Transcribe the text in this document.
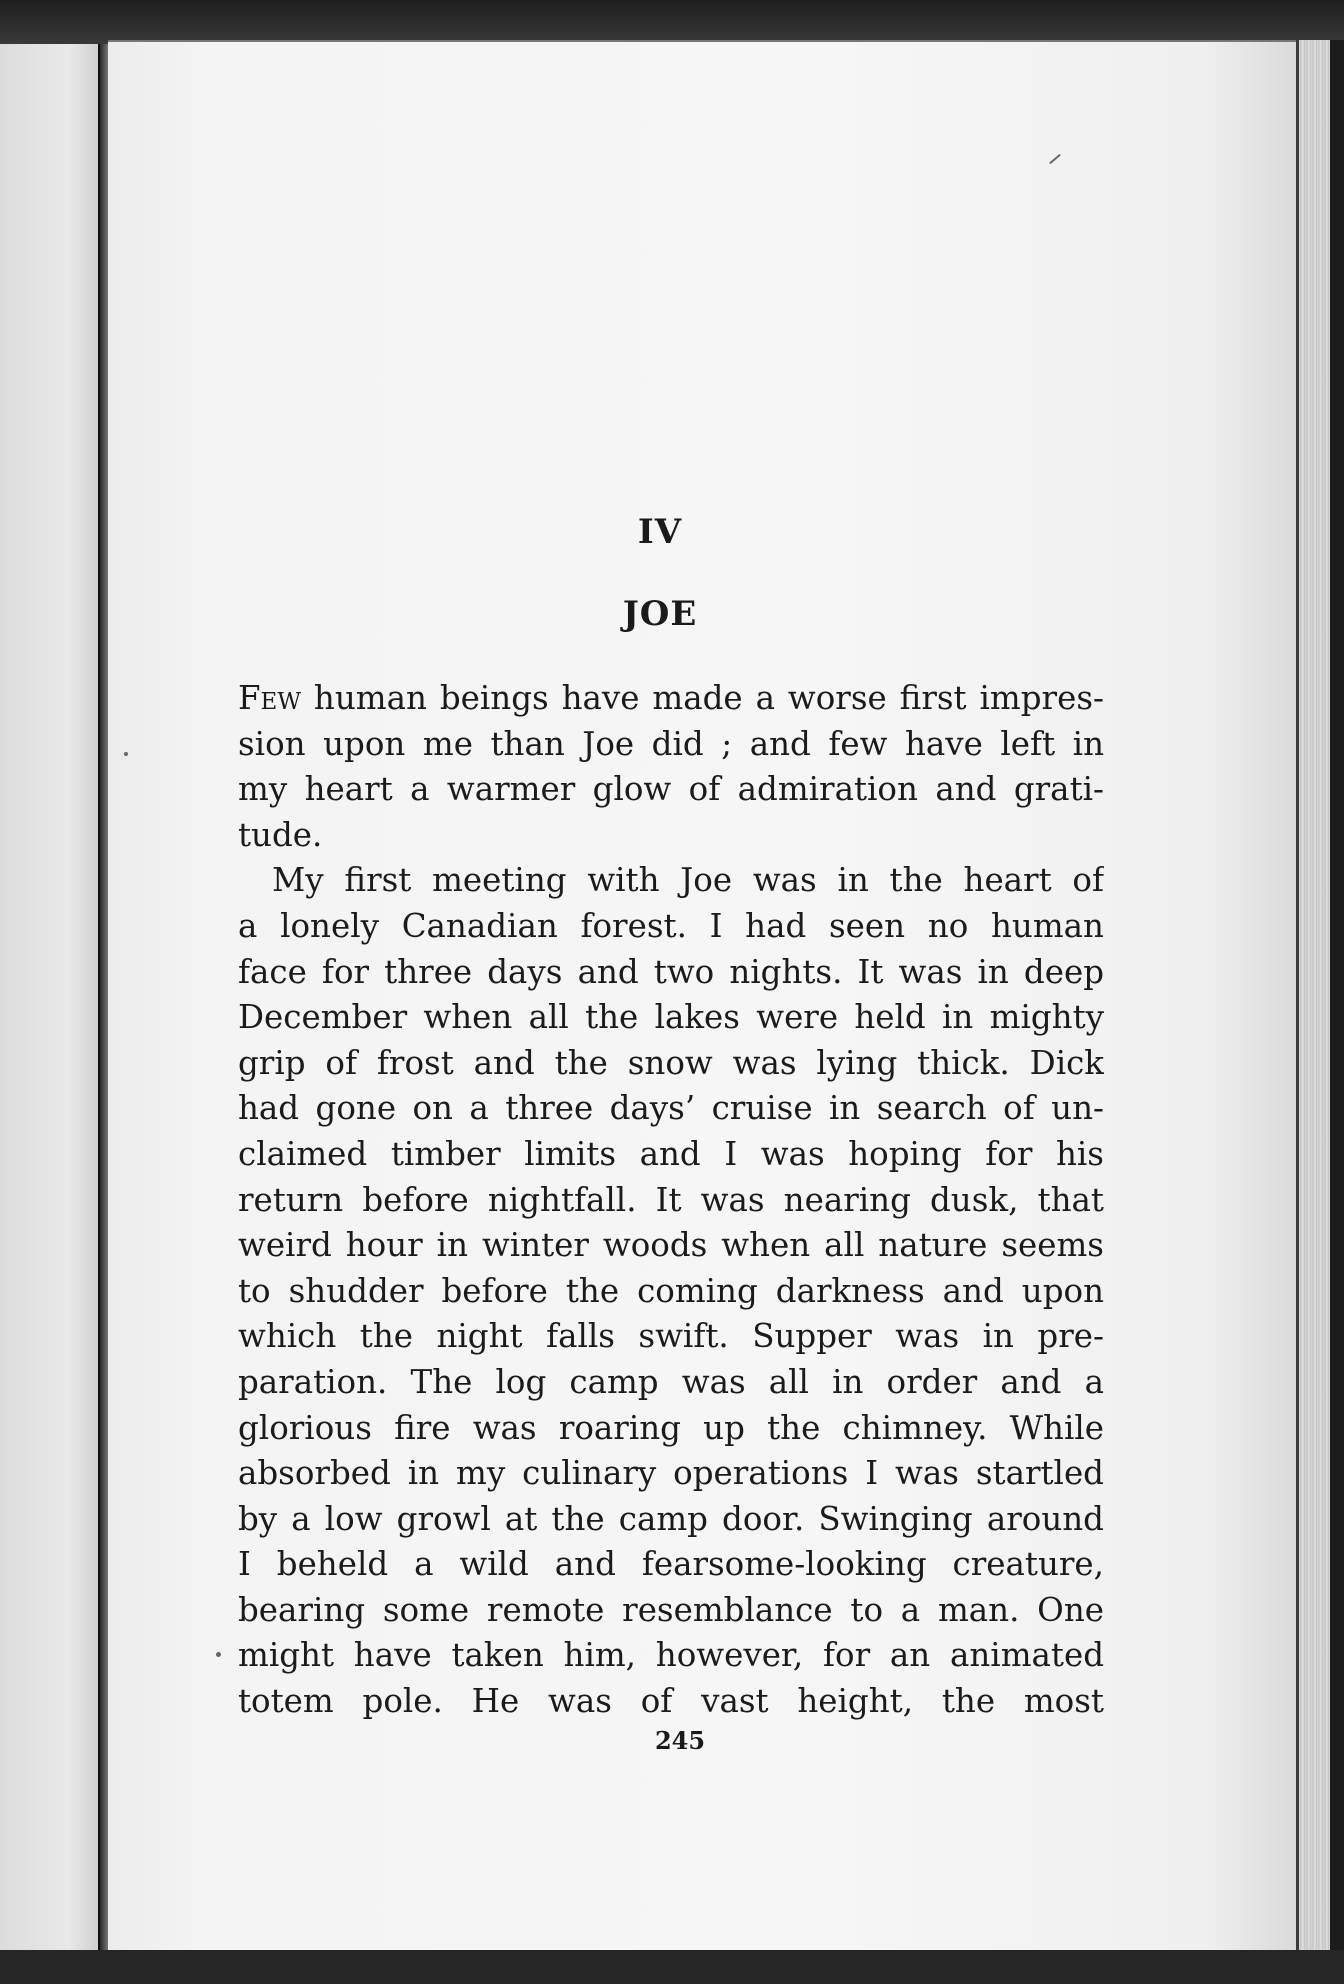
IV
JOE
Few human beings have made a worse first impres-
sion upon me than Joe did ; and few have left in
my heart a warmer glow of admiration and grati-
tude.
My first meeting with Joe was in the heart of
a lonely Canadian forest. I had seen no human
face for three days and two nights. It was in deep
December when all the lakes were held in mighty
grip of frost and the snow was lying thick. Dick
had gone on a three days’ cruise in search of un-
claimed timber limits and I was hoping for his
return before nightfall. It was nearing dusk, that
weird hour in winter woods when all nature seems
to shudder before the coming darkness and upon
which the night falls swift. Supper was in pre-
paration. The log camp was all in order and a
glorious fire was roaring up the chimney. While
absorbed in my culinary operations I was startled
by a low growl at the camp door. Swinging around
I beheld a wild and fearsome-looking creature,
bearing some remote resemblance to a man. One
might have taken him, however, for an animated
totem pole. He was of vast height, the most
245
